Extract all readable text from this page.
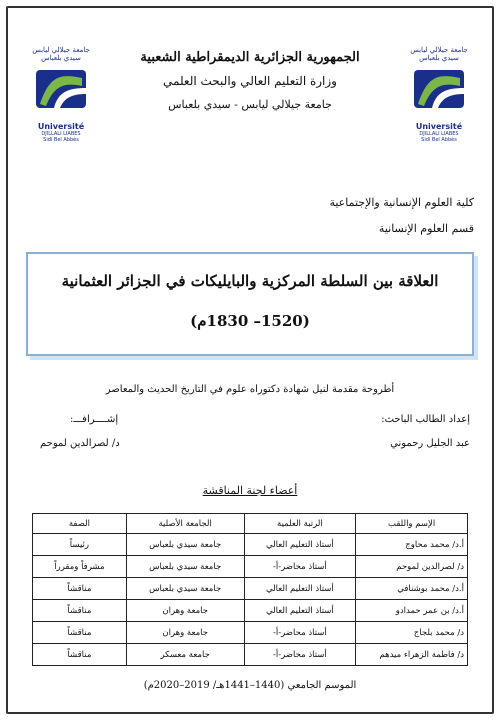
جامعة جيلالي ليابس
سيدي بلعباس
Université
DJILLALI LIABES
Sidi Bel Abbès
جامعة جيلالي ليابس
سيدي بلعباس
Université
DJILLALI LIABES
Sidi Bel Abbès
الجمهورية الجزائرية الديمقراطية الشعبية
وزارة التعليم العالي والبحث العلمي
جامعة جيلالي ليابس - سيدي بلعباس
كلية العلوم الإنسانية والإجتماعية
قسم العلوم الإنسانية
العلاقة بين السلطة المركزية والبايليكات في الجزائر العثمانية
(1520– 1830م)
أطروحة مقدمة لنيل شهادة دكتوراه علوم في التاريخ الحديث والمعاصر
إعداد الطالب الباحث:
عبد الجليل رحموني
إشــــرافـــ:
د/ لصرالدين لموحم
أعضاء لجنة المناقشة
الإسم واللقب	الرتبة العلمية	الجامعة الأصلية	الصفة
أ.د/ محمد محاوج	أستاذ التعليم العالي	جامعة سيدي بلعباس	رئيساً
د/ لصرالدين لموحم	أستاذ محاضر-أ-	جامعة سيدي بلعباس	مشرفاً ومقرراً
أ.د/ محمد بوشنافي	أستاذ التعليم العالي	جامعة سيدي بلعباس	مناقشاً
أ.د/ بن عمر حمدادو	أستاذ التعليم العالي	جامعة وهران	مناقشاً
د/ محمد بلجاج	أستاذ محاضر-أ-	جامعة وهران	مناقشاً
د/ فاطمة الزهراء ميدهم	أستاذ محاضر-أ-	جامعة معسكر	مناقشاً
الموسم الجامعي (1440–1441هـ/ 2019–2020م)
